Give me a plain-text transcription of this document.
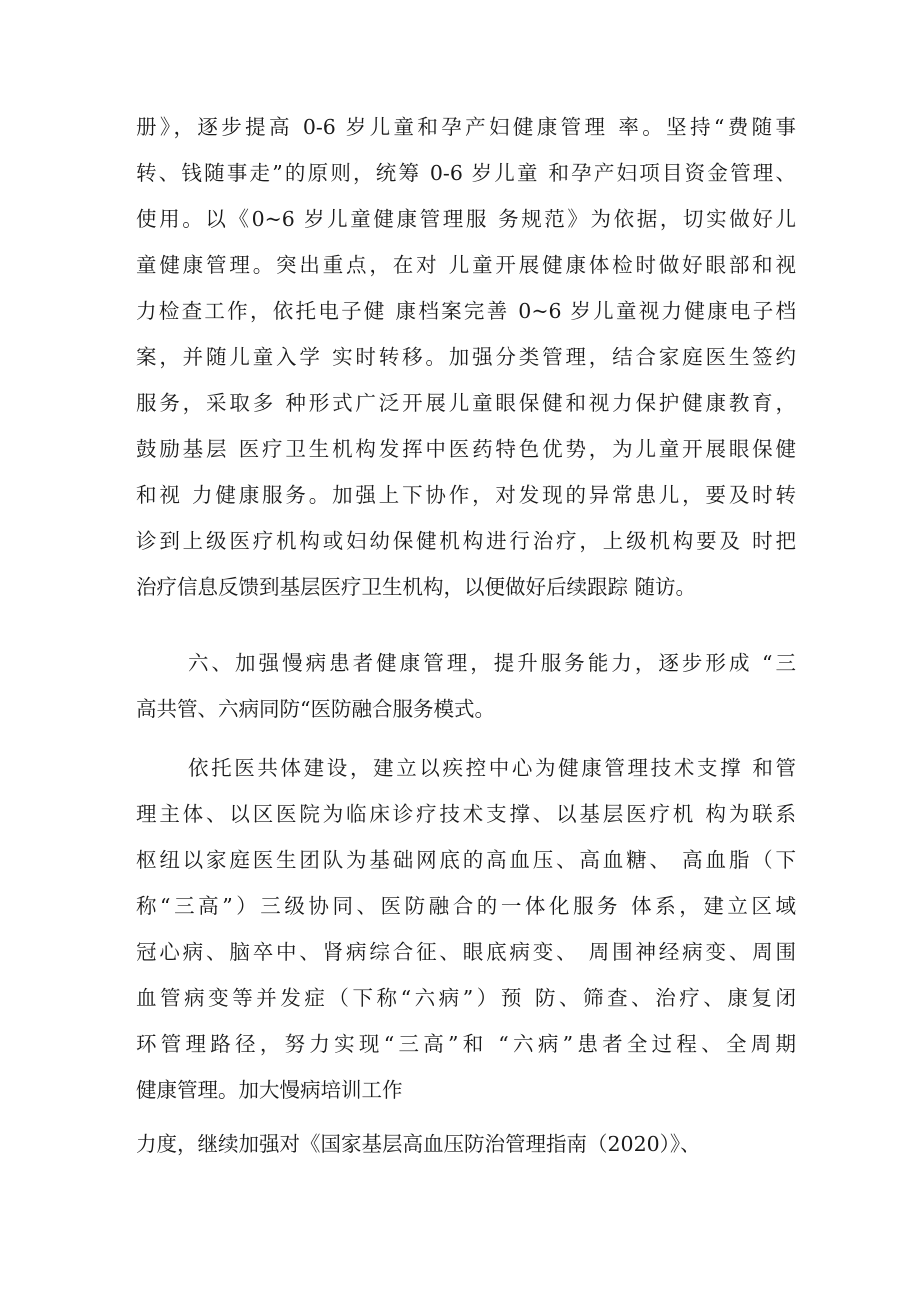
册》，逐步提高 0-6 岁儿童和孕产妇健康管理 率。坚持“费随事
转、钱随事走”的原则，统筹 0-6 岁儿童 和孕产妇项目资金管理、
使用。以《0~6 岁儿童健康管理服 务规范》为依据，切实做好儿
童健康管理。突出重点，在对 儿童开展健康体检时做好眼部和视
力检查工作，依托电子健 康档案完善 0~6 岁儿童视力健康电子档
案，并随儿童入学 实时转移。加强分类管理，结合家庭医生签约
服务，采取多 种形式广泛开展儿童眼保健和视力保护健康教育，
鼓励基层 医疗卫生机构发挥中医药特色优势，为儿童开展眼保健
和视 力健康服务。加强上下协作，对发现的异常患儿，要及时转
诊到上级医疗机构或妇幼保健机构进行治疗，上级机构要及 时把
治疗信息反馈到基层医疗卫生机构，以便做好后续跟踪 随访。
六、加强慢病患者健康管理，提升服务能力，逐步形成 “三
高共管、六病同防“医防融合服务模式。
依托医共体建设，建立以疾控中心为健康管理技术支撑 和管
理主体、以区医院为临床诊疗技术支撑、以基层医疗机 构为联系
枢纽以家庭医生团队为基础网底的高血压、高血糖、 高血脂（下
称“三高”）三级协同、医防融合的一体化服务 体系，建立区域
冠心病、脑卒中、肾病综合征、眼底病变、 周围神经病变、周围
血管病变等并发症（下称“六病”）预 防、筛查、治疗、康复闭
环管理路径，努力实现“三高”和 “六病”患者全过程、全周期
健康管理。加大慢病培训工作
力度，继续加强对《国家基层高血压防治管理指南（2020）》、
